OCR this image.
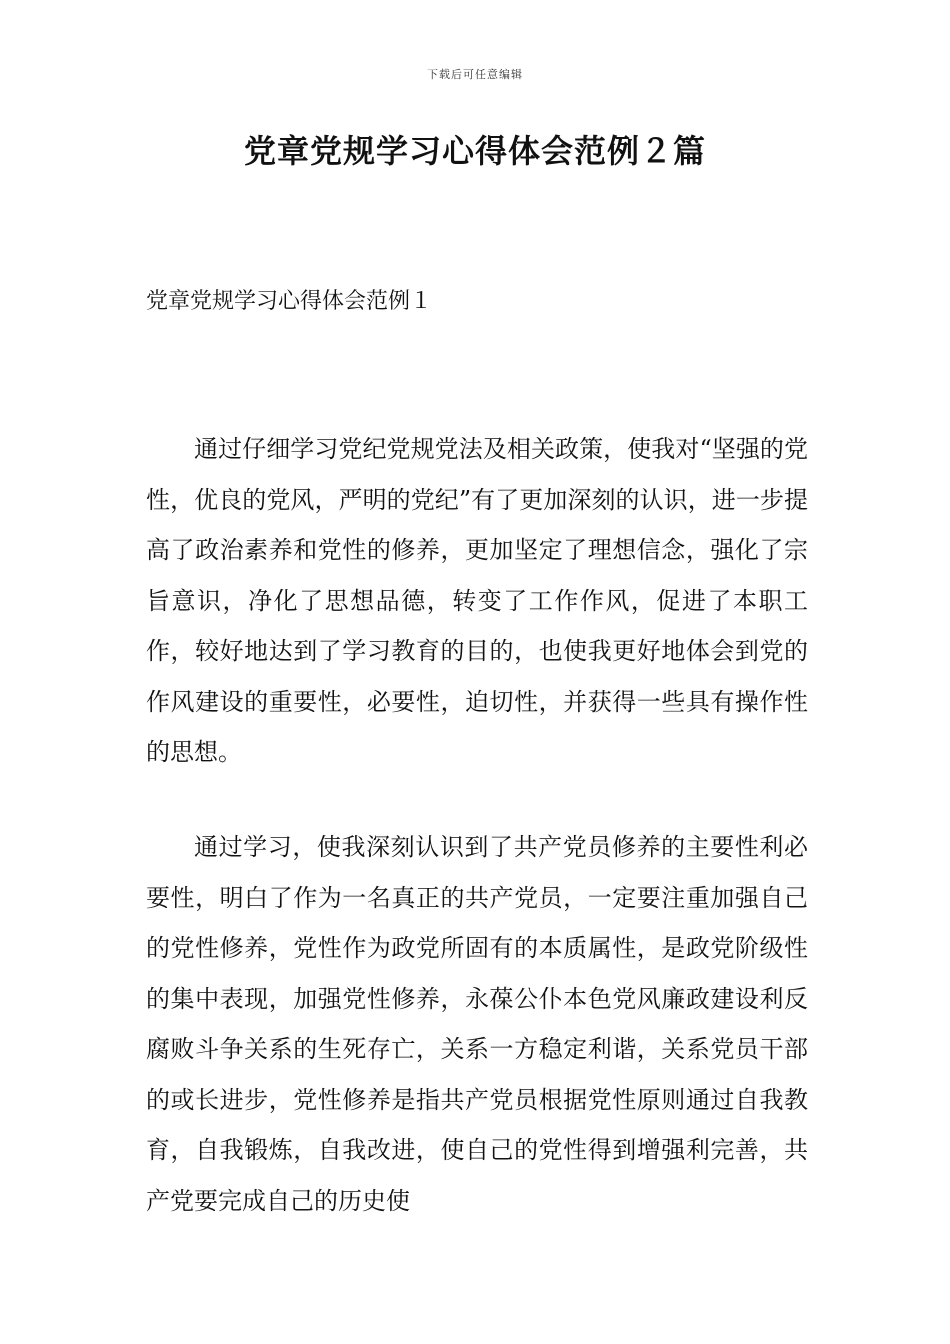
下载后可任意编辑
党章党规学习心得体会范例２篇
党章党规学习心得体会范例１

通过仔细学习党纪党规党法及相关政策，使我对“坚强的党性，优良的党风，严明的党纪”有了更加深刻的认识，进一步提高了政治素养和党性的修养，更加坚定了理想信念，强化了宗旨意识，净化了思想品德，转变了工作作风，促进了本职工作，较好地达到了学习教育的目的，也使我更好地体会到党的作风建设的重要性，必要性，迫切性，并获得一些具有操作性的思想。

通过学习，使我深刻认识到了共产党员修养的主要性利必要性，明白了作为一名真正的共产党员，一定要注重加强自己的党性修养，党性作为政党所固有的本质属性，是政党阶级性的集中表现，加强党性修养，永葆公仆本色党风廉政建设利反腐败斗争关系的生死存亡，关系一方稳定利谐，关系党员干部的或长进步，党性修养是指共产党员根据党性原则通过自我教育，自我锻炼，自我改进，使自己的党性得到增强利完善，共产党要完成自己的历史使
